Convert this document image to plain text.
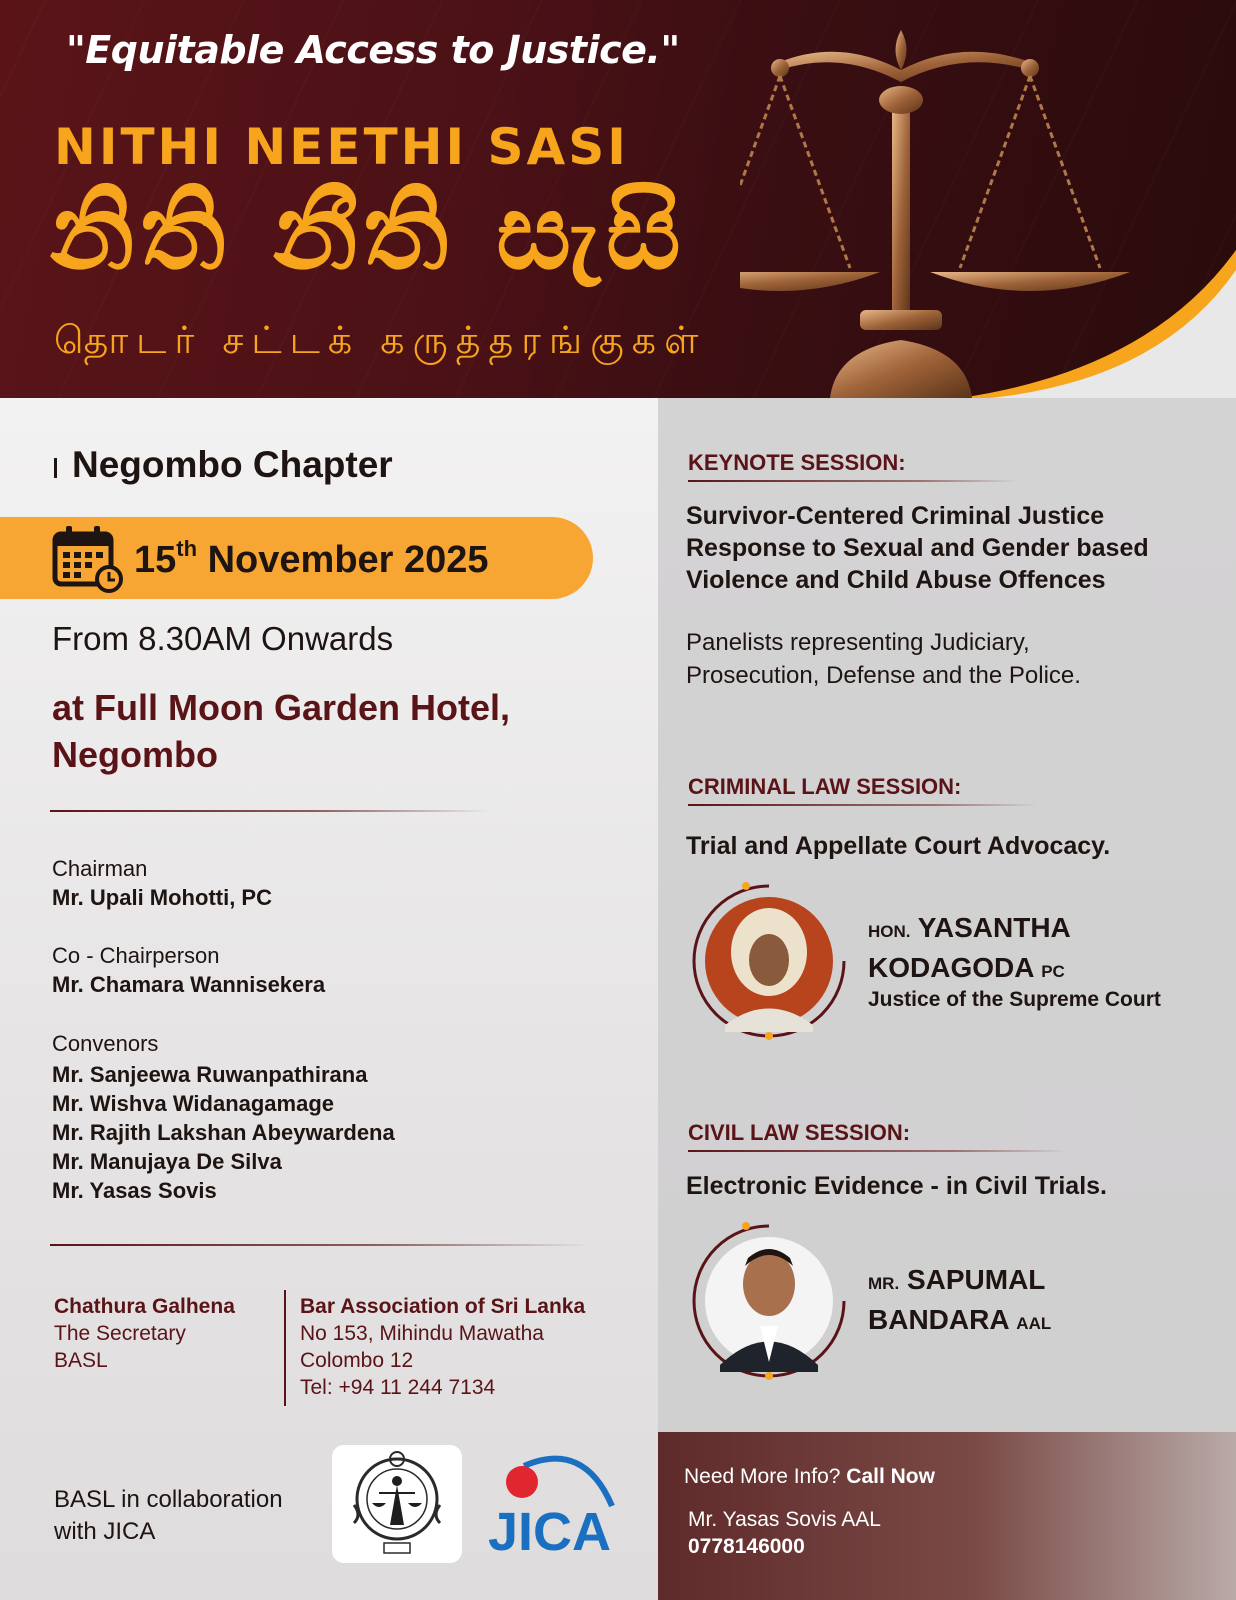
"Equitable Access to Justice."
NITHI NEETHI SASI
නිති නීති සැසි
தொடர் சட்டக் கருத்தரங்குகள்
Negombo Chapter
15th November 2025
From 8.30AM Onwards
at Full Moon Garden Hotel,
Negombo
Chairman
Mr. Upali Mohotti, PC
Co - Chairperson
Mr. Chamara Wannisekera
Convenors
Mr. Sanjeewa Ruwanpathirana
Mr. Wishva Widanagamage
Mr. Rajith Lakshan Abeywardena
Mr. Manujaya De Silva
Mr. Yasas Sovis
Chathura Galhena
The Secretary
BASL
Bar Association of Sri Lanka
No 153, Mihindu Mawatha
Colombo 12
Tel: +94 11 244 7134
BASL in collaboration
with JICA	JICA
KEYNOTE SESSION:
Survivor-Centered Criminal Justice Response to Sexual and Gender based Violence and Child Abuse Offences
Panelists representing Judiciary, Prosecution, Defense and the Police.
CRIMINAL LAW SESSION:
Trial and Appellate Court Advocacy.
HON. YASANTHA
KODAGODA PC
Justice of the Supreme Court
CIVIL LAW SESSION:
Electronic Evidence - in Civil Trials.
MR. SAPUMAL
BANDARA AAL
Need More Info? Call Now
Mr. Yasas Sovis AAL
0778146000
